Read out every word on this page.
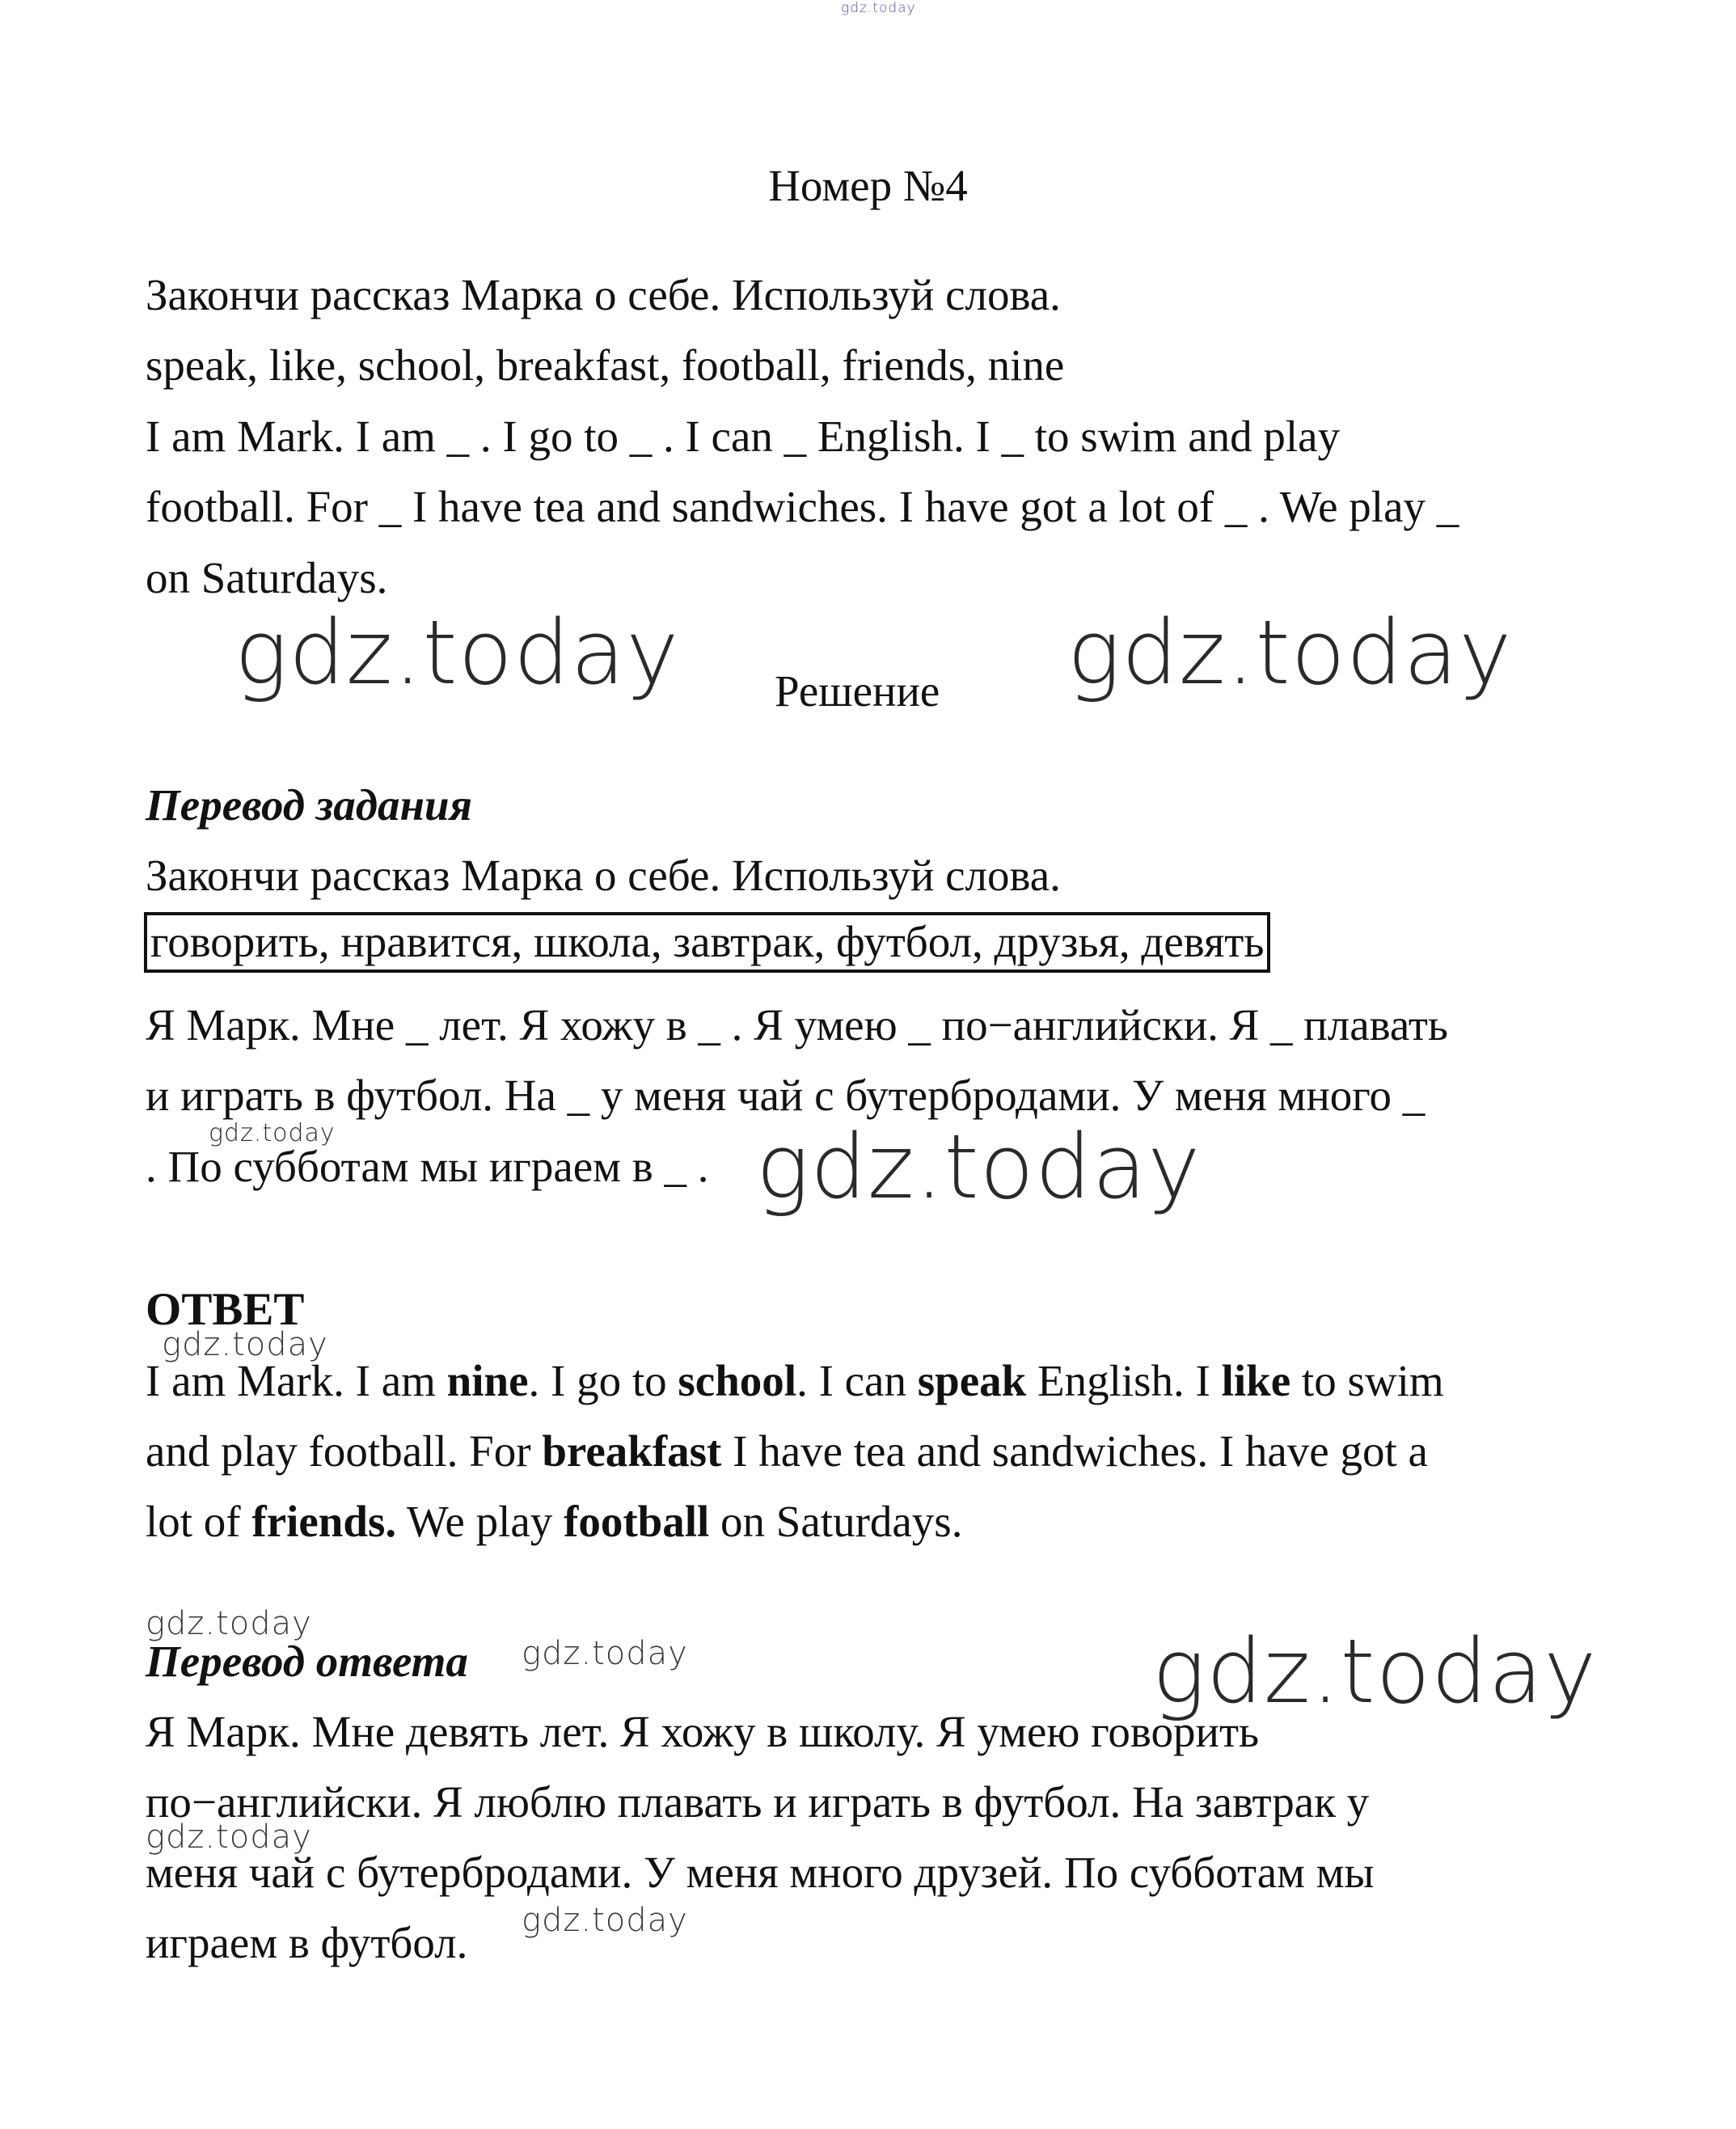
gdz.today
Номер №4
Закончи рассказ Марка о себе. Используй слова.
speak, like, school, breakfast, football, friends, nine
I am Mark. I am _ . I go to _ . I can _ English. I _ to swim and play
football. For _ I have tea and sandwiches. I have got a lot of _ . We play _
on Saturdays.
gdz.today Решение gdz.today
Перевод задания
Закончи рассказ Марка о себе. Используй слова.
говорить, нравится, школа, завтрак, футбол, друзья, девять
Я Марк. Мне _ лет. Я хожу в _ . Я умею _ по−английски. Я _ плавать
и играть в футбол. На _ у меня чай с бутербродами. У меня много _
gdz.today
. По субботам мы играем в _ . gdz.today
ОТВЕТ
gdz.today
I am Mark. I am nine. I go to school. I can speak English. I like to swim
and play football. For breakfast I have tea and sandwiches. I have got a
lot of friends. We play football on Saturdays.
gdz.today
Перевод ответа gdz.today	gdz.today
Я Марк. Мне девять лет. Я хожу в школу. Я умею говорить
по−английски. Я люблю плавать и играть в футбол. На завтрак у
gdz.today
меня чай с бутербродами. У меня много друзей. По субботам мы
играем в футбол. gdz.today
